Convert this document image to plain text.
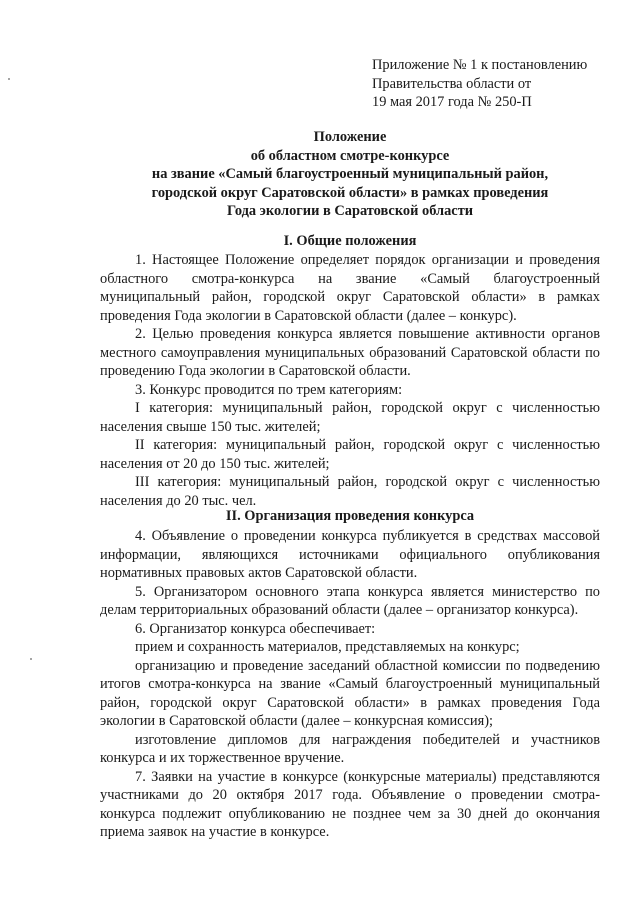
Приложение № 1 к постановлению
Правительства области от
19 мая 2017 года № 250-П
Положение
об областном смотре-конкурсе
на звание «Самый благоустроенный муниципальный район,
городской округ Саратовской области» в рамках проведения
Года экологии в Саратовской области
I. Общие положения

1. Настоящее Положение определяет порядок организации и проведения областного смотра-конкурса на звание «Самый благоустроенный муниципальный район, городской округ Саратовской области» в рамках проведения Года экологии в Саратовской области (далее – конкурс).

2. Целью проведения конкурса является повышение активности органов местного самоуправления муниципальных образований Саратовской области по проведению Года экологии в Саратовской области.

3. Конкурс проводится по трем категориям:

I категория: муниципальный район, городской округ с численностью населения свыше 150 тыс. жителей;

II категория: муниципальный район, городской округ с численностью населения от 20 до 150 тыс. жителей;

III категория: муниципальный район, городской округ с численностью населения до 20 тыс. чел.

II. Организация проведения конкурса

4. Объявление о проведении конкурса публикуется в средствах массовой информации, являющихся источниками официального опубликования нормативных правовых актов Саратовской области.

5. Организатором основного этапа конкурса является министерство по делам территориальных образований области (далее – организатор конкурса).

6. Организатор конкурса обеспечивает:

прием и сохранность материалов, представляемых на конкурс;

организацию и проведение заседаний областной комиссии по подведению итогов смотра-конкурса на звание «Самый благоустроенный муниципальный район, городской округ Саратовской области» в рамках проведения Года экологии в Саратовской области (далее – конкурсная комиссия);

изготовление дипломов для награждения победителей и участников конкурса и их торжественное вручение.

7. Заявки на участие в конкурсе (конкурсные материалы) представляются участниками до 20 октября 2017 года. Объявление о проведении смотра-конкурса подлежит опубликованию не позднее чем за 30 дней до окончания приема заявок на участие в конкурсе.
